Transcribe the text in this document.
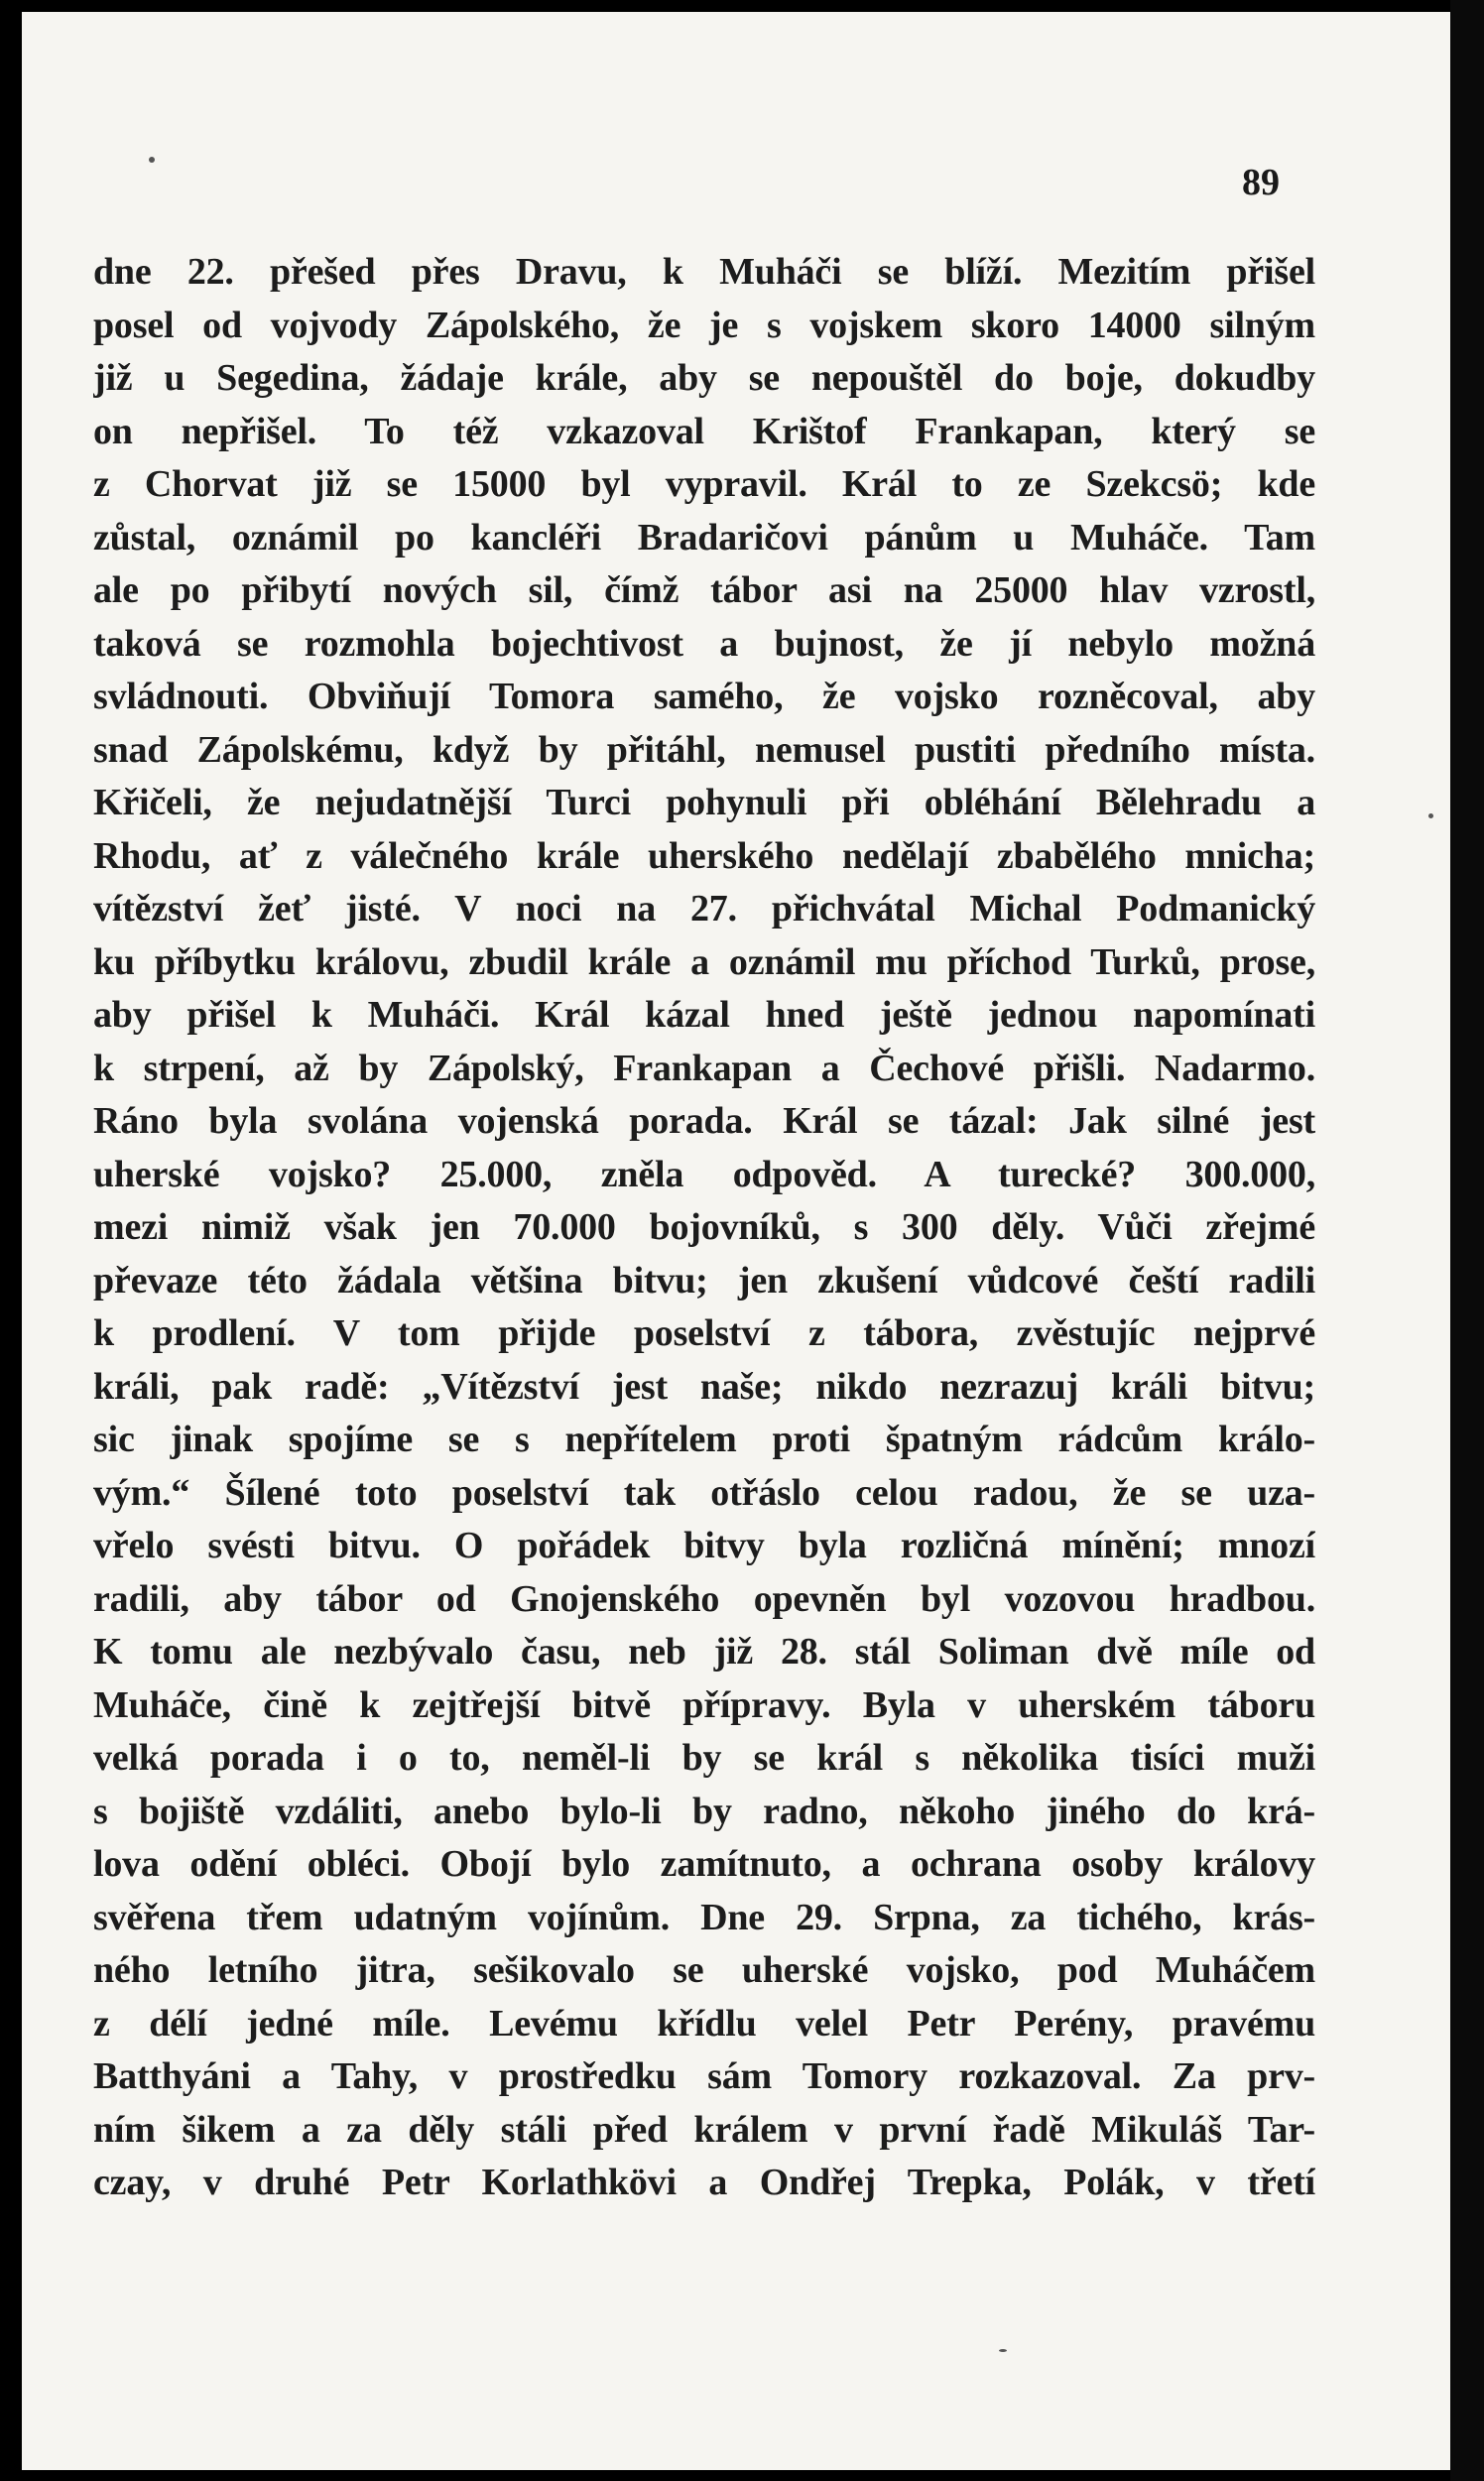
89
dne 22. přešed přes Dravu, k Muháči se blíží. Mezitím přišel
posel od vojvody Zápolského, že je s vojskem skoro 14000 silným
již u Segedina, žádaje krále, aby se nepouštěl do boje, dokudby
on nepřišel. To též vzkazoval Krištof Frankapan, který se
z Chorvat již se 15000 byl vypravil. Král to ze Szekcsö; kde
zůstal, oznámil po kancléři Bradaričovi pánům u Muháče. Tam
ale po přibytí nových sil, čímž tábor asi na 25000 hlav vzrostl,
taková se rozmohla bojechtivost a bujnost, že jí nebylo možná
svládnouti. Obviňují Tomora samého, že vojsko rozněcoval, aby
snad Zápolskému, když by přitáhl, nemusel pustiti předního místa.
Křičeli, že nejudatnější Turci pohynuli při obléhání Bělehradu a
Rhodu, ať z válečného krále uherského nedělají zbabělého mnicha;
vítězství žeť jisté. V noci na 27. přichvátal Michal Podmanický
ku příbytku královu, zbudil krále a oznámil mu příchod Turků, prose,
aby přišel k Muháči. Král kázal hned ještě jednou napomínati
k strpení, až by Zápolský, Frankapan a Čechové přišli. Nadarmo.
Ráno byla svolána vojenská porada. Král se tázal: Jak silné jest
uherské vojsko? 25.000, zněla odpověd. A turecké? 300.000,
mezi nimiž však jen 70.000 bojovníků, s 300 děly. Vůči zřejmé
převaze této žádala většina bitvu; jen zkušení vůdcové čeští radili
k prodlení. V tom přijde poselství z tábora, zvěstujíc nejprvé
králi, pak radě: „Vítězství jest naše; nikdo nezrazuj králi bitvu;
sic jinak spojíme se s nepřítelem proti špatným rádcům králo-
vým.“ Šílené toto poselství tak otřáslo celou radou, že se uza-
vřelo svésti bitvu. O pořádek bitvy byla rozličná mínění; mnozí
radili, aby tábor od Gnojenského opevněn byl vozovou hradbou.
K tomu ale nezbývalo času, neb již 28. stál Soliman dvě míle od
Muháče, čině k zejtřejší bitvě přípravy. Byla v uherském táboru
velká porada i o to, neměl-li by se král s několika tisíci muži
s bojiště vzdáliti, anebo bylo-li by radno, někoho jiného do krá-
lova odění obléci. Obojí bylo zamítnuto, a ochrana osoby královy
svěřena třem udatným vojínům. Dne 29. Srpna, za tichého, krás-
ného letního jitra, sešikovalo se uherské vojsko, pod Muháčem
z délí jedné míle. Levému křídlu velel Petr Perény, pravému
Batthyáni a Tahy, v prostředku sám Tomory rozkazoval. Za prv-
ním šikem a za děly stáli před králem v první řadě Mikuláš Tar-
czay, v druhé Petr Korlathkövi a Ondřej Trepka, Polák, v třetí
